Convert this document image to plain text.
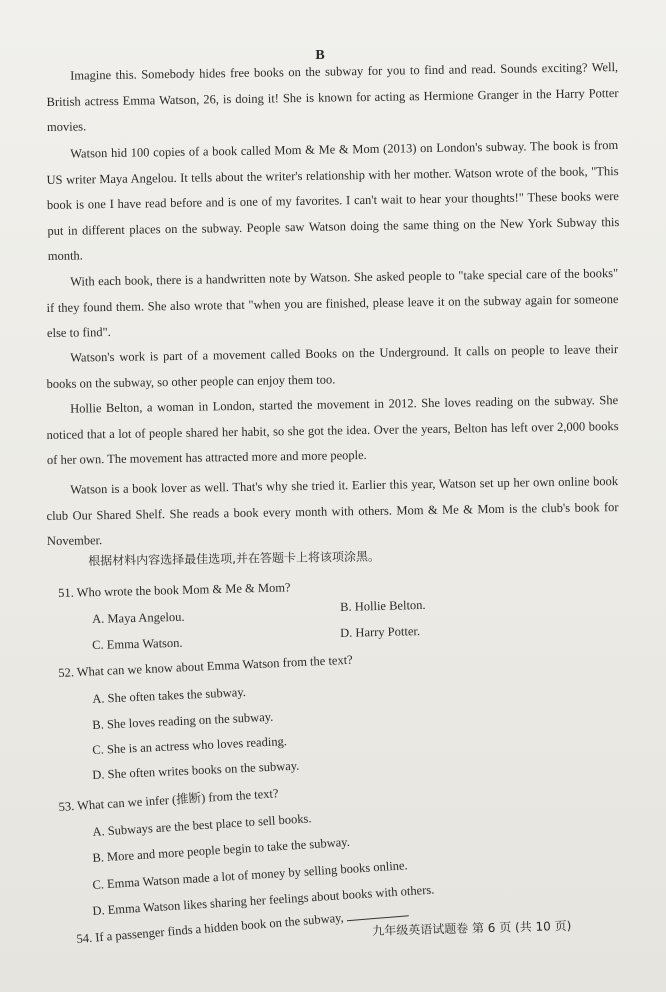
B

Imagine this. Somebody hides free books on the subway for you to find and read. Sounds exciting? Well, British actress Emma Watson, 26, is doing it! She is known for acting as Hermione Granger in the Harry Potter movies.

Watson hid 100 copies of a book called Mom & Me & Mom (2013) on London's subway. The book is from US writer Maya Angelou. It tells about the writer's relationship with her mother. Watson wrote of the book, "This book is one I have read before and is one of my favorites. I can't wait to hear your thoughts!" These books were put in different places on the subway. People saw Watson doing the same thing on the New York Subway this month.

With each book, there is a handwritten note by Watson. She asked people to "take special care of the books" if they found them. She also wrote that "when you are finished, please leave it on the subway again for someone else to find".

Watson's work is part of a movement called Books on the Underground. It calls on people to leave their books on the subway, so other people can enjoy them too.

Hollie Belton, a woman in London, started the movement in 2012. She loves reading on the subway. She noticed that a lot of people shared her habit, so she got the idea. Over the years, Belton has left over 2,000 books of her own. The movement has attracted more and more people.

Watson is a book lover as well. That's why she tried it. Earlier this year, Watson set up her own online book club Our Shared Shelf. She reads a book every month with others. Mom & Me & Mom is the club's book for November.

根据材料内容选择最佳选项,并在答题卡上将该项涂黑。
51. Who wrote the book Mom & Me & Mom?
A. Maya Angelou.
B. Hollie Belton.
C. Emma Watson.
D. Harry Potter.
52. What can we know about Emma Watson from the text?
A. She often takes the subway.
B. She loves reading on the subway.
C. She is an actress who loves reading.
D. She often writes books on the subway.
53. What can we infer (推断) from the text?
A. Subways are the best place to sell books.
B. More and more people begin to take the subway.
C. Emma Watson made a lot of money by selling books online.
D. Emma Watson likes sharing her feelings about books with others.
54. If a passenger finds a hidden book on the subway,	九年级英语试题卷 第 6 页 (共 10 页)
